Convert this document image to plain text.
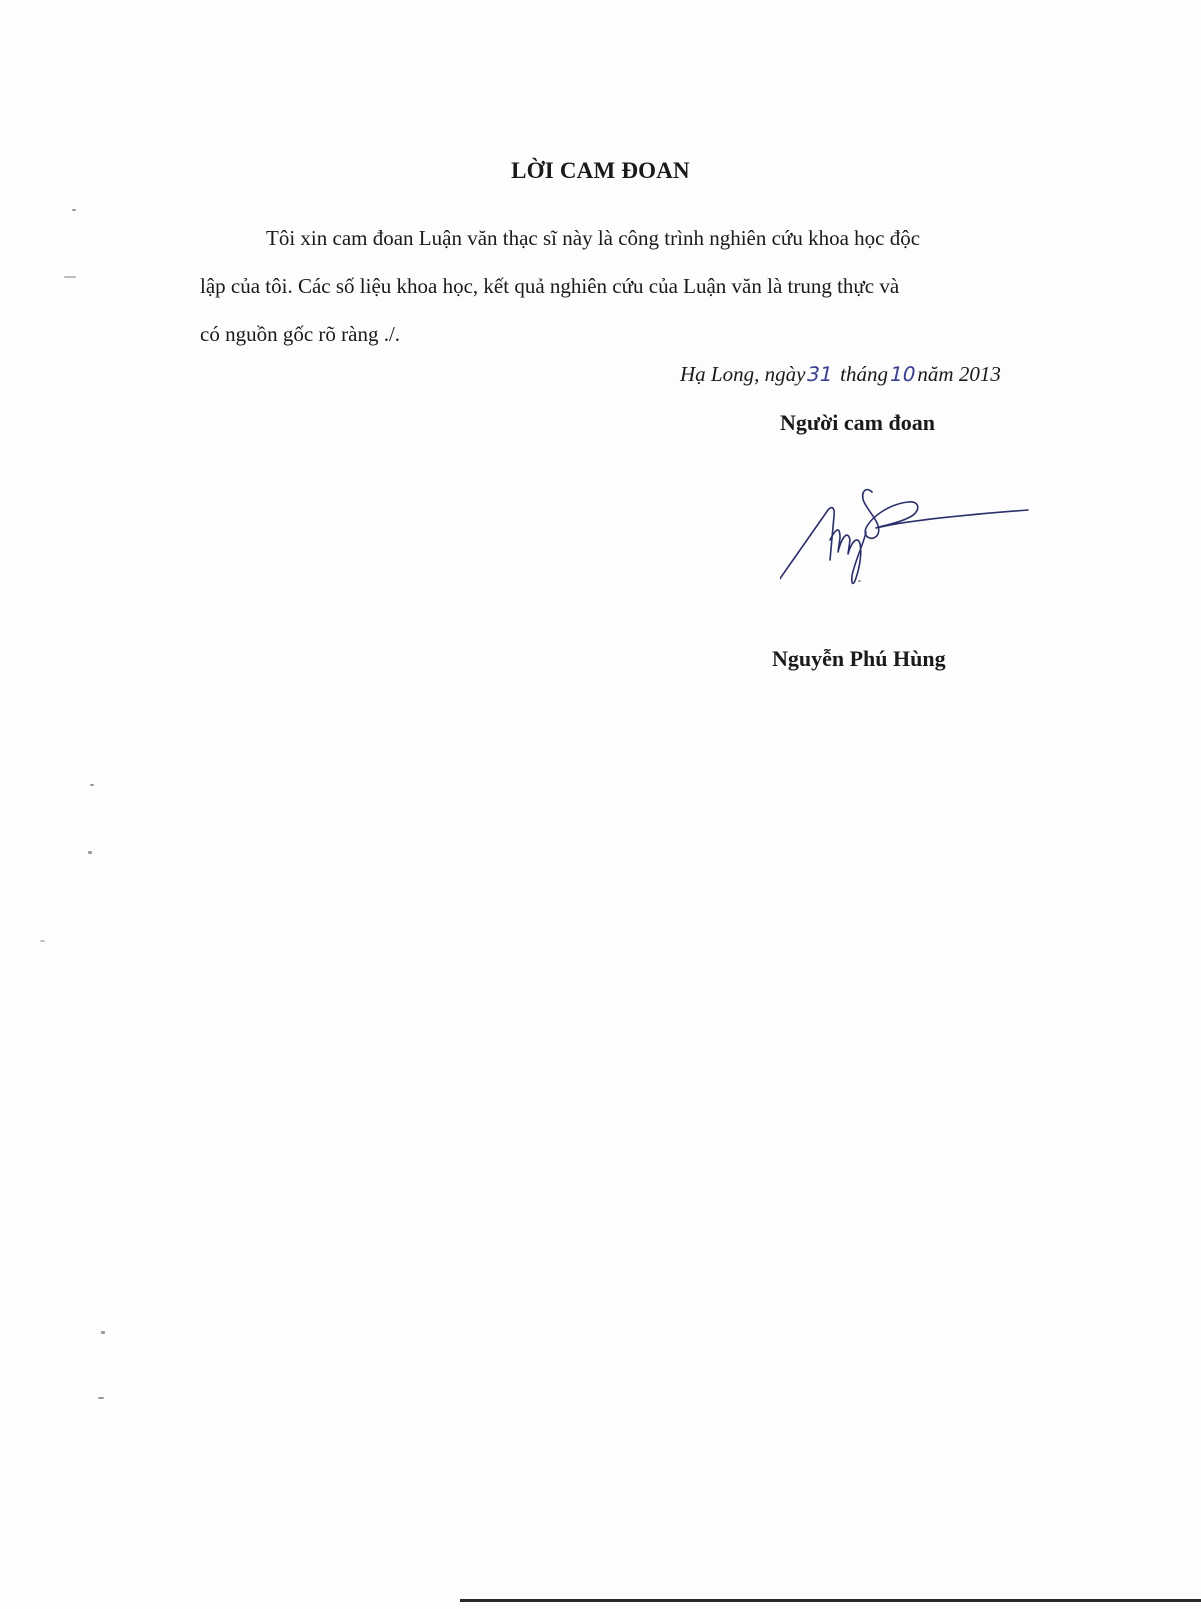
LỜI CAM ĐOAN
Tôi xin cam đoan Luận văn thạc sĩ này là công trình nghiên cứu khoa học độc
lập của tôi. Các số liệu khoa học, kết quả nghiên cứu của Luận văn là trung thực và
có nguồn gốc rõ ràng ./.
Hạ Long, ngày31 tháng10năm 2013
Người cam đoan
Nguyễn Phú Hùng
